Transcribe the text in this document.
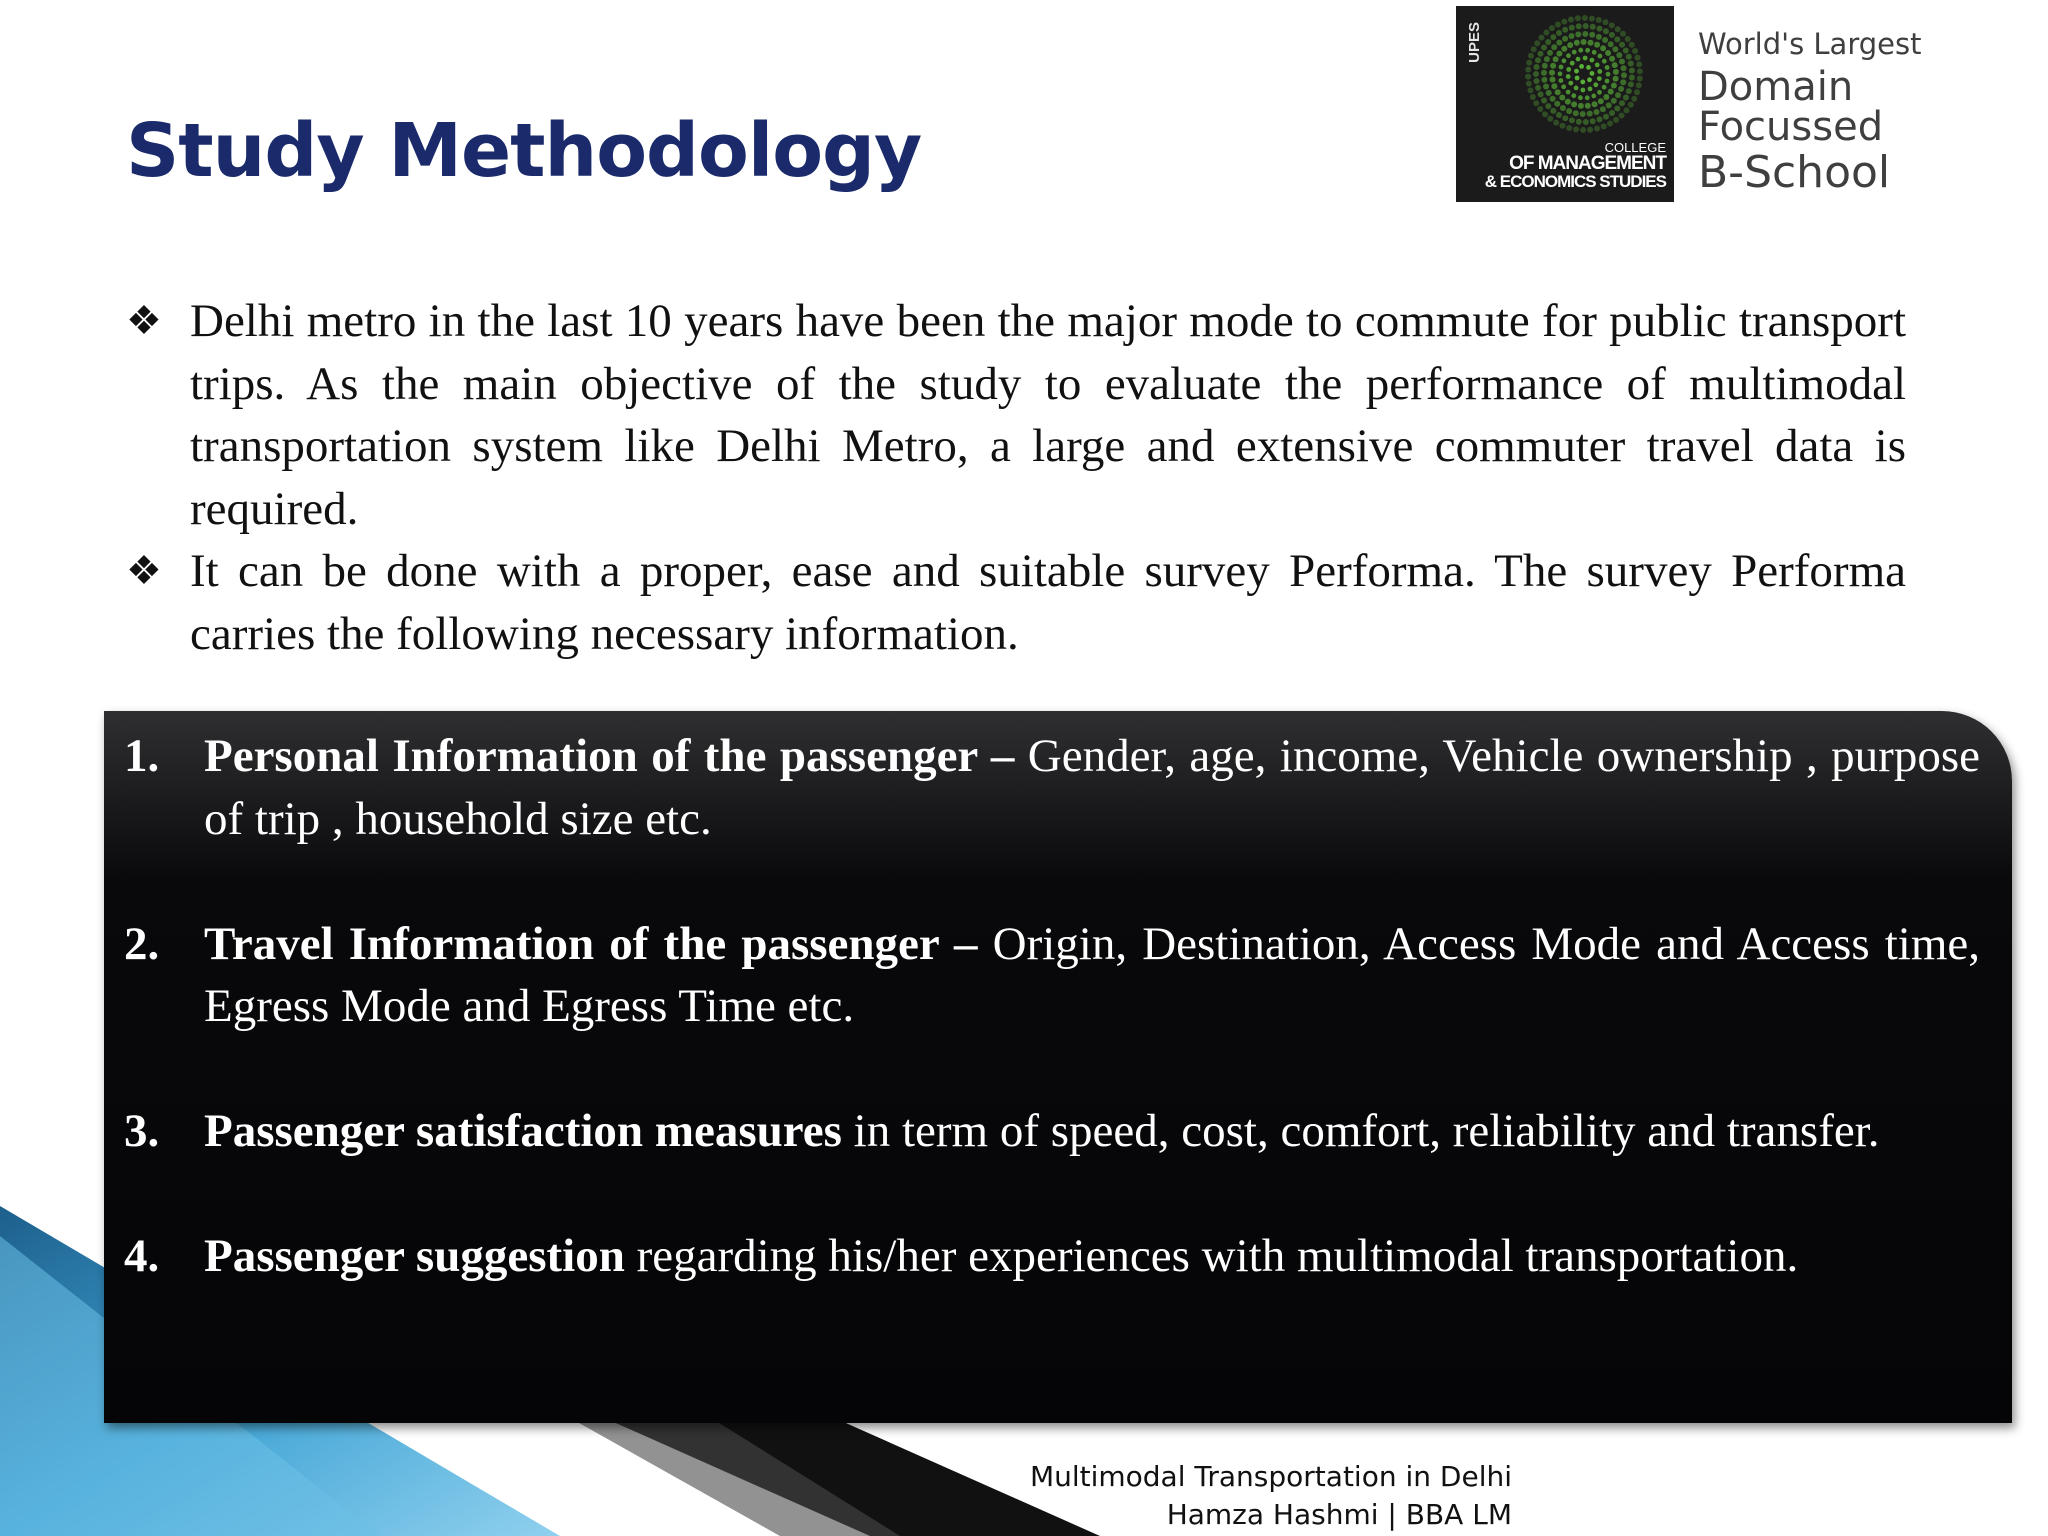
Study Methodology
UPES
COLLEGE
OF MANAGEMENT
& ECONOMICS STUDIES
World's Largest
Domain Focussed
B-School
❖ Delhi metro in the last 10 years have been the major mode to commute for public transport trips. As the main objective of the study to evaluate the performance of multimodal transportation system like Delhi Metro, a large and extensive commuter travel data is required.
❖ It can be done with a proper, ease and suitable survey Performa. The survey Performa carries the following necessary information.
1. Personal Information of the passenger – Gender, age, income, Vehicle ownership , purpose of trip , household size etc.
2. Travel Information of the passenger – Origin, Destination, Access Mode and Access time, Egress Mode and Egress Time etc.
3. Passenger satisfaction measures in term of speed, cost, comfort, reliability and transfer.
4. Passenger suggestion regarding his/her experiences with multimodal transportation.
Multimodal Transportation in Delhi
Hamza Hashmi | BBA LM
